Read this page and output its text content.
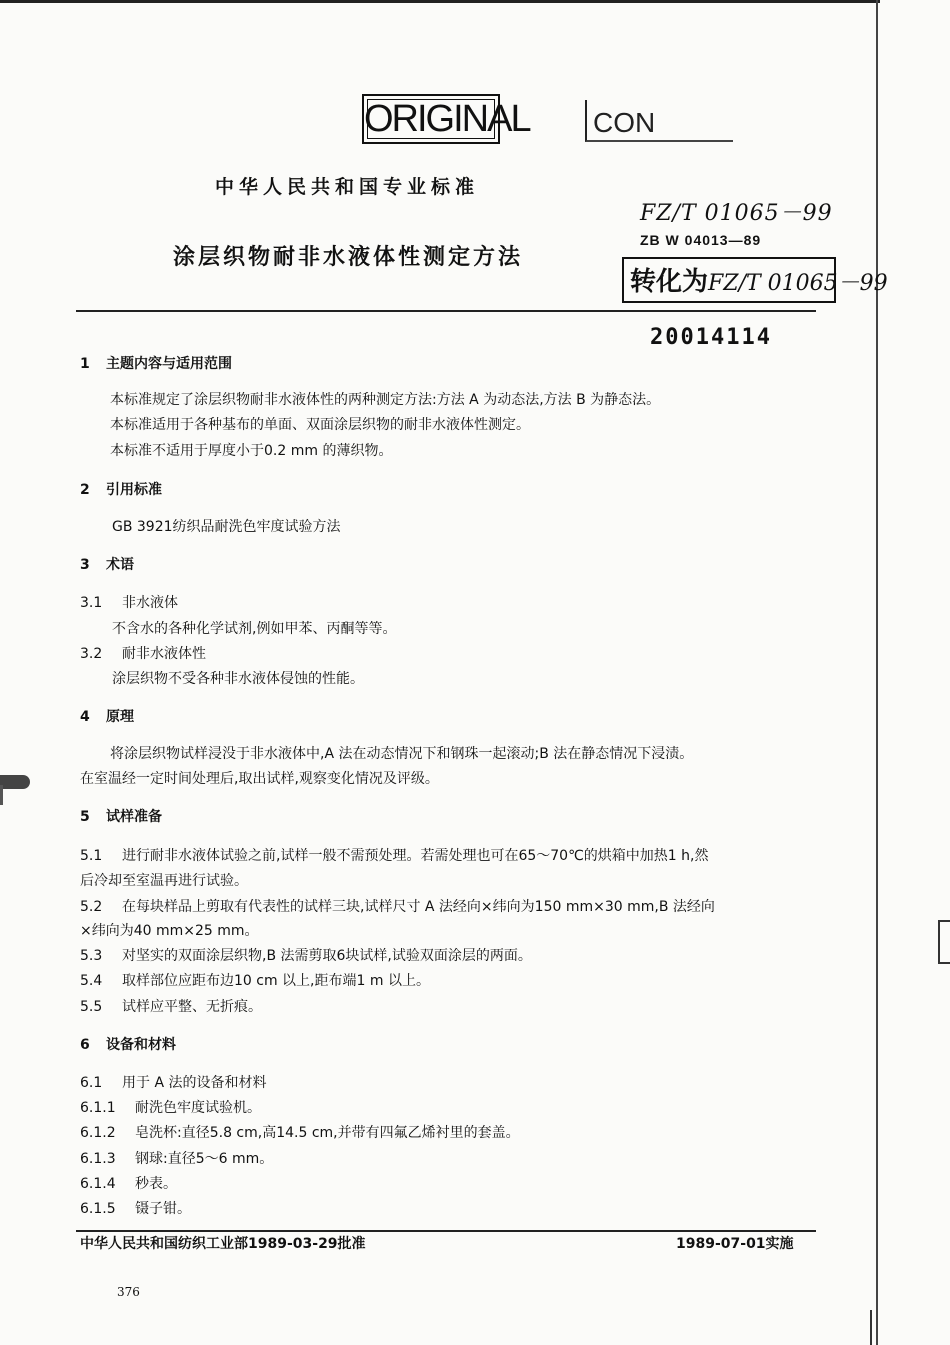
ORIGINAL CON
中华人民共和国专业标准
涂层织物耐非水液体性测定方法
FZ/T 01065－99
ZB W 04013—89
转化为FZ/T 01065－99
20014114
1 主题内容与适用范围
本标准规定了涂层织物耐非水液体性的两种测定方法:方法 A 为动态法,方法 B 为静态法。
本标准适用于各种基布的单面、双面涂层织物的耐非水液体性测定。
本标准不适用于厚度小于0.2 mm 的薄织物。
2 引用标准
GB 3921纺织品耐洗色牢度试验方法
3 术语
3.1 非水液体
不含水的各种化学试剂,例如甲苯、丙酮等等。
3.2 耐非水液体性
涂层织物不受各种非水液体侵蚀的性能。
4 原理
将涂层织物试样浸没于非水液体中,A 法在动态情况下和钢珠一起滚动;B 法在静态情况下浸渍。
在室温经一定时间处理后,取出试样,观察变化情况及评级。
5 试样准备
5.1 进行耐非水液体试验之前,试样一般不需预处理。若需处理也可在65～70℃的烘箱中加热1 h,然
后冷却至室温再进行试验。
5.2 在每块样品上剪取有代表性的试样三块,试样尺寸 A 法经向×纬向为150 mm×30 mm,B 法经向
×纬向为40 mm×25 mm。
5.3 对坚实的双面涂层织物,B 法需剪取6块试样,试验双面涂层的两面。
5.4 取样部位应距布边10 cm 以上,距布端1 m 以上。
5.5 试样应平整、无折痕。
6 设备和材料
6.1 用于 A 法的设备和材料
6.1.1 耐洗色牢度试验机。
6.1.2 皂洗杯:直径5.8 cm,高14.5 cm,并带有四氟乙烯衬里的套盖。
6.1.3 钢球:直径5～6 mm。
6.1.4 秒表。
6.1.5 镊子钳。
中华人民共和国纺织工业部1989-03-29批准	1989-07-01实施
376
